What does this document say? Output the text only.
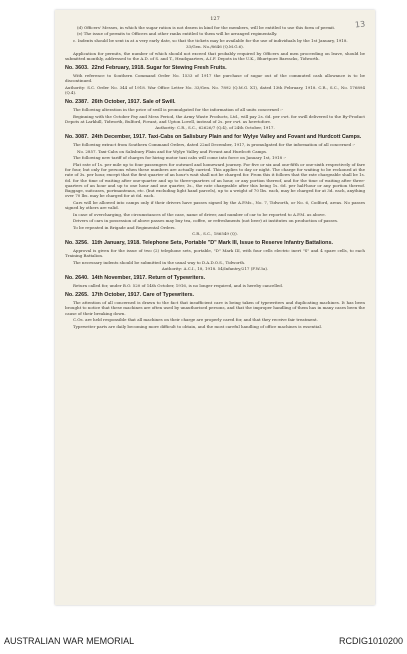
13
127

(d) Officers' Messes, in which the sugar ration is not drawn in kind for the members, will be entitled to use this form of permit.

(e) The issue of permits to Officers and other ranks entitled to them will be arranged regimentally.

c. Indents should be sent in at a very early date, so that the tickets may be available for the use of individuals by the 1st January, 1918.

33/Gen. No./8646 (Q.M.G.6).

Application for permits, the number of which should not exceed that probably required by Officers and men proceeding on leave, should be submitted monthly, addressed to the A.D. of S. and T., Headquarters, A.I.F. Depots in the U.K., Bhurtpore Barracks, Tidworth.

No. 3603. 22nd February, 1918. Sugar for Stewing Fresh Fruits.

With reference to Southern Command Order No. 1533 of 1917 the purchase of sugar out of the commuted cash allowance is to be discontinued.

Authority: S.C. Order No. 344 of 1918. War Office Letter No. 33/Gen. No. 7892 (Q.M.G. X1), dated 13th February, 1918. C.R., S.C., No. 176894 (Q.4).

No. 2387. 26th October, 1917. Sale of Swill.

The following alteration in the price of swill is promulgated for the information of all units concerned :-

Beginning with the October Pay and Mess Period, the Army Waste Products, Ltd., will pay 2s. 6d. per cwt. for swill delivered to the By-Product Depots at Larkhill, Tidworth, Bulford, Fovant, and Upton Lovell, instead of 2s. per cwt. as heretofore.

Authority: C.R., S.C., 62626/7 (Q.4), of 24th October, 1917.

No. 3087. 24th December, 1917. Taxi-Cabs on Salisbury Plain and for Wylye Valley and Fovant and Hurdcott Camps.

The following extract from Southern Command Orders, dated 22nd December, 1917, is promulgated for the information of all concerned :-

No. 2857. Taxi-Cabs on Salisbury Plain and for Wylye Valley and Fovant and Hurdcott Camps.

The following new tariff of charges for hiring motor taxi cabs will come into force on January 1st, 1918 :-

Flat rate of 1s. per mile up to four passengers for outward and homeward journey. For five or six and one-fifth or one-sixth respectively of fare for four, but only for persons when these numbers are actually carried. This applies to day or night. The charge for waiting to be reckoned at the rate of 3s. per hour, except that the first quarter of an hour's wait shall not be charged for. From this it follows that the rate chargeable shall be 1s. 6d. for the time of waiting after one-quarter and up to three-quarters of an hour, or any portion thereof, and for the time of waiting after three-quarters of an hour and up to one hour and one quarter, 3s., the rate chargeable after this being 1s. 6d. per half-hour or any portion thereof. Baggage, suitcases, portmanteaus, etc. (but excluding light hand parcels), up to a weight of 70 lbs. each, may be charged for at 3d. each, anything over 70 lbs. may be charged for at 6d. each.

Cars will be allowed into camps only if their drivers have passes signed by the A.P.Ms., No. 7, Tidworth, or No. 6, Codford, areas. No passes signed by others are valid.

In case of overcharging, the circumstances of the case, name of driver, and number of car to be reported to A.P.M. as above.

Drivers of cars in possession of above passes may buy tea, coffee, or refreshments (not beer) at institutes on production of passes.

To be repeated in Brigade and Regimental Orders.

C.R., S.C., 186549 (Q).

No. 3256. 11th January, 1918. Telephone Sets, Portable "D" Mark III, Issue to Reserve Infantry Battalions.

Approval is given for the issue of two (2) telephone sets, portable, "D" Mark III, with four cells electric inert "S" and 4 spare cells, to each Training Battalion.

The necessary indents should be submitted in the usual way to D.A.D.O.S., Tidworth.

Authority: A.C.I., 18, 1918. 54/Infantry/217 (F.W.3a).

No. 2640. 14th November, 1917. Return of Typewriters.

Return called for, under B.O. 520 of 14th October, 1916, is no longer required, and is hereby cancelled.

No. 2265. 17th October, 1917. Care of Typewriters.

The attention of all concerned is drawn to the fact that insufficient care is being taken of typewriters and duplicating machines. It has been brought to notice that these machines are often used by unauthorised persons, and that the improper handling of them has in many cases been the cause of their breaking down.

C.Os. are held responsible that all machines on their charge are properly cared for, and that they receive fair treatment.

Typewriter parts are daily becoming more difficult to obtain, and the most careful handling of office machines is essential.

AUSTRALIAN WAR MEMORIAL	RCDIG1010200
